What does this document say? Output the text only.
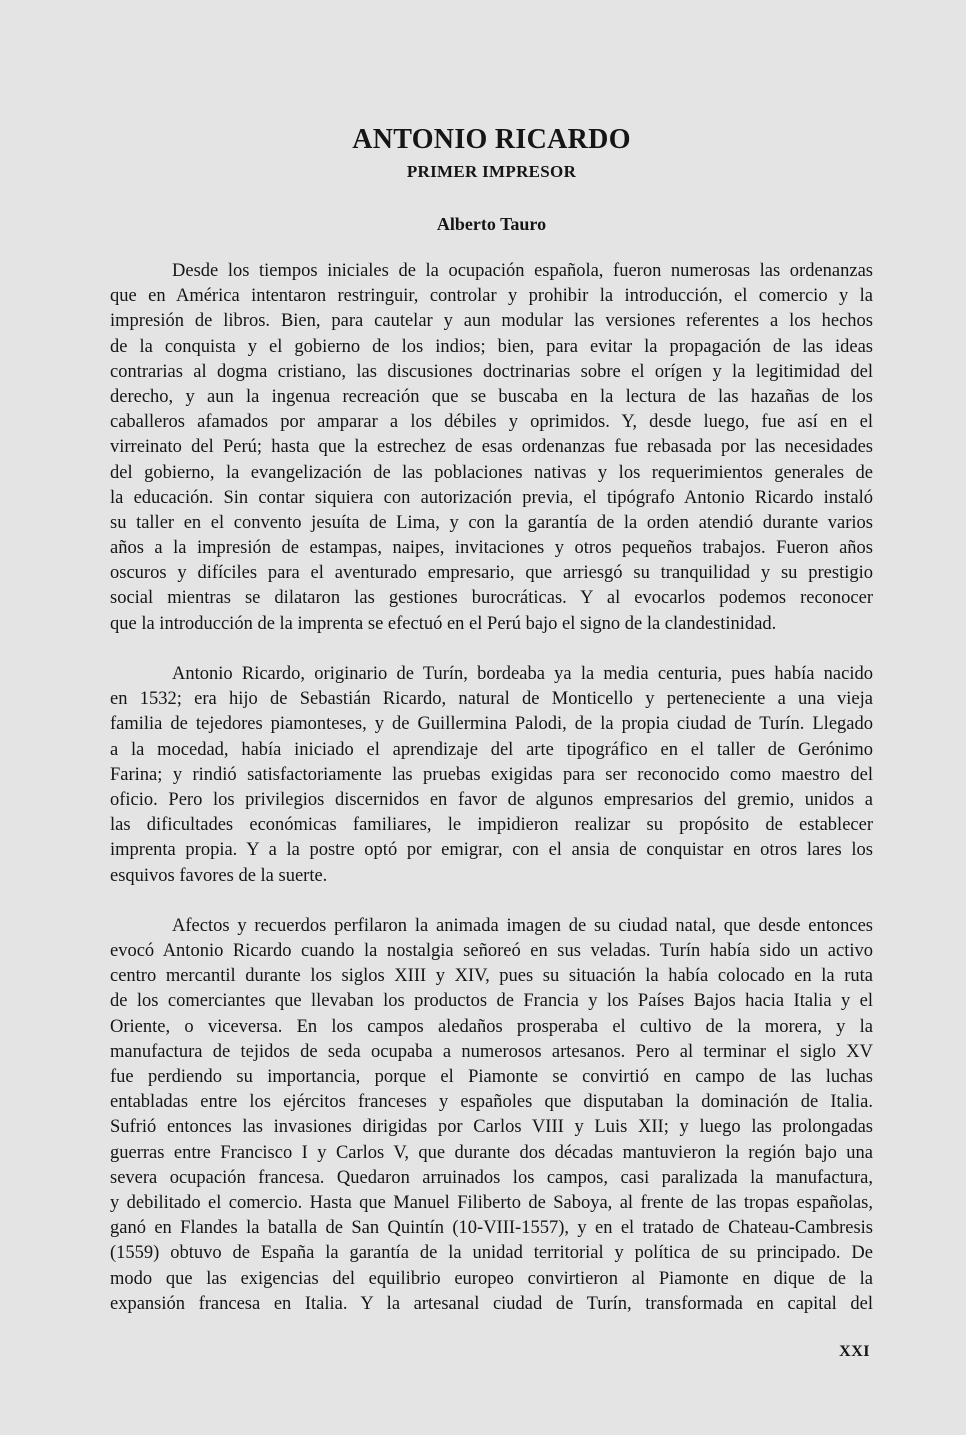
ANTONIO RICARDO
PRIMER IMPRESOR
Alberto Tauro
Desde los tiempos iniciales de la ocupación española, fueron numerosas las ordenanzas
que en América intentaron restringuir, controlar y prohibir la introducción, el comercio y la
impresión de libros. Bien, para cautelar y aun modular las versiones referentes a los hechos
de la conquista y el gobierno de los indios; bien, para evitar la propagación de las ideas
contrarias al dogma cristiano, las discusiones doctrinarias sobre el orígen y la legitimidad del
derecho, y aun la ingenua recreación que se buscaba en la lectura de las hazañas de los
caballeros afamados por amparar a los débiles y oprimidos. Y, desde luego, fue así en el
virreinato del Perú; hasta que la estrechez de esas ordenanzas fue rebasada por las necesidades
del gobierno, la evangelización de las poblaciones nativas y los requerimientos generales de
la educación. Sin contar siquiera con autorización previa, el tipógrafo Antonio Ricardo instaló
su taller en el convento jesuíta de Lima, y con la garantía de la orden atendió durante varios
años a la impresión de estampas, naipes, invitaciones y otros pequeños trabajos. Fueron años
oscuros y difíciles para el aventurado empresario, que arriesgó su tranquilidad y su prestigio
social mientras se dilataron las gestiones burocráticas. Y al evocarlos podemos reconocer
que la introducción de la imprenta se efectuó en el Perú bajo el signo de la clandestinidad.
Antonio Ricardo, originario de Turín, bordeaba ya la media centuria, pues había nacido
en 1532; era hijo de Sebastián Ricardo, natural de Monticello y perteneciente a una vieja
familia de tejedores piamonteses, y de Guillermina Palodi, de la propia ciudad de Turín. Llegado
a la mocedad, había iniciado el aprendizaje del arte tipográfico en el taller de Gerónimo
Farina; y rindió satisfactoriamente las pruebas exigidas para ser reconocido como maestro del
oficio. Pero los privilegios discernidos en favor de algunos empresarios del gremio, unidos a
las dificultades económicas familiares, le impidieron realizar su propósito de establecer
imprenta propia. Y a la postre optó por emigrar, con el ansia de conquistar en otros lares los
esquivos favores de la suerte.
Afectos y recuerdos perfilaron la animada imagen de su ciudad natal, que desde entonces
evocó Antonio Ricardo cuando la nostalgia señoreó en sus veladas. Turín había sido un activo
centro mercantil durante los siglos XIII y XIV, pues su situación la había colocado en la ruta
de los comerciantes que llevaban los productos de Francia y los Países Bajos hacia Italia y el
Oriente, o viceversa. En los campos aledaños prosperaba el cultivo de la morera, y la
manufactura de tejidos de seda ocupaba a numerosos artesanos. Pero al terminar el siglo XV
fue perdiendo su importancia, porque el Piamonte se convirtió en campo de las luchas
entabladas entre los ejércitos franceses y españoles que disputaban la dominación de Italia.
Sufrió entonces las invasiones dirigidas por Carlos VIII y Luis XII; y luego las prolongadas
guerras entre Francisco I y Carlos V, que durante dos décadas mantuvieron la región bajo una
severa ocupación francesa. Quedaron arruinados los campos, casi paralizada la manufactura,
y debilitado el comercio. Hasta que Manuel Filiberto de Saboya, al frente de las tropas españolas,
ganó en Flandes la batalla de San Quintín (10-VIII-1557), y en el tratado de Chateau-Cambresis
(1559) obtuvo de España la garantía de la unidad territorial y política de su principado. De
modo que las exigencias del equilibrio europeo convirtieron al Piamonte en dique de la
expansión francesa en Italia. Y la artesanal ciudad de Turín, transformada en capital del
XXI
